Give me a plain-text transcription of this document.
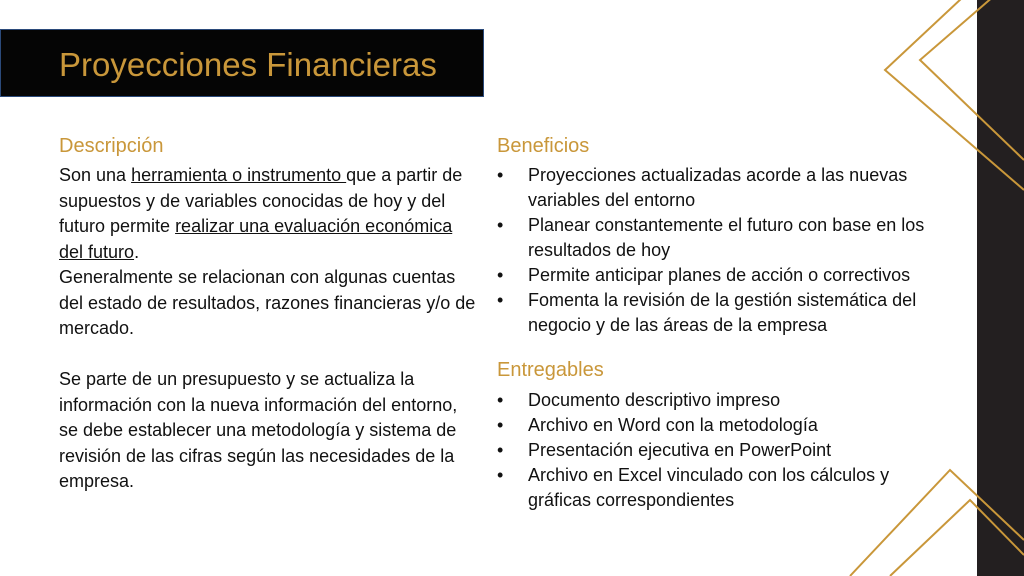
Proyecciones Financieras
Descripción

Son una herramienta o instrumento que a partir de supuestos y de variables conocidas de hoy y del futuro permite realizar una evaluación económica del futuro.

Generalmente se relacionan con algunas cuentas del estado de resultados, razones financieras y/o de mercado.

Se parte de un presupuesto y se actualiza la información con la nueva información del entorno, se debe establecer una metodología y sistema de revisión de las cifras según las necesidades de la empresa.

Beneficios
• Proyecciones actualizadas acorde a las nuevas variables del entorno
• Planear constantemente el futuro con base en los resultados de hoy
• Permite anticipar planes de acción o correctivos
• Fomenta la revisión de la gestión sistemática del negocio y de las áreas de la empresa
Entregables
• Documento descriptivo impreso
• Archivo en Word con la metodología
• Presentación ejecutiva en PowerPoint
• Archivo en Excel vinculado con los cálculos y gráficas correspondientes
